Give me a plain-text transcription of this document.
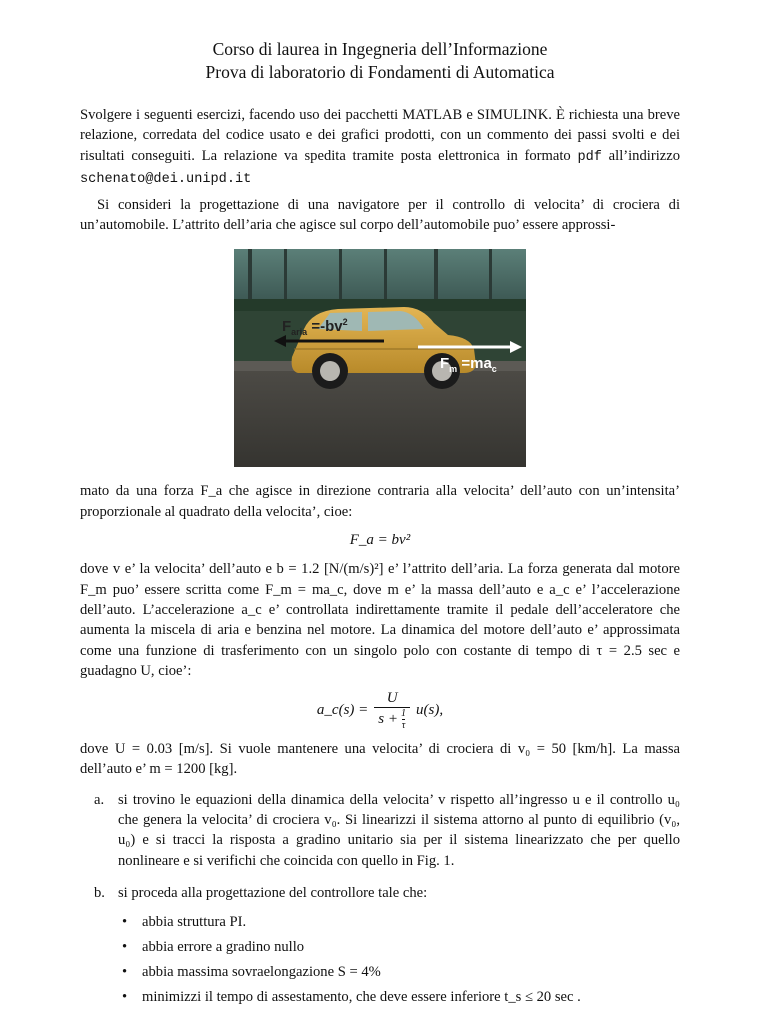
Corso di laurea in Ingegneria dell’Informazione
Prova di laboratorio di Fondamenti di Automatica

Svolgere i seguenti esercizi, facendo uso dei pacchetti MATLAB e SIMULINK. È richiesta una breve relazione, corredata del codice usato e dei grafici prodotti, con un commento dei passi svolti e dei risultati conseguiti. La relazione va spedita tramite posta elettronica in formato pdf all’indirizzo schenato@dei.unipd.it

Si consideri la progettazione di una navigatore per il controllo di velocita’ di crociera di un’automobile. L’attrito dell’aria che agisce sul corpo dell’automobile puo’ essere approssi-

$F_{aria} =-bv^2$
$F_m =ma_c$

mato da una forza F_a che agisce in direzione contraria alla velocita’ dell’auto con un’intensita’ proporzionale al quadrato della velocita’, cioe:

F_a = bv²

dove v e’ la velocita’ dell’auto e b = 1.2 [N/(m/s)²] e’ l’attrito dell’aria. La forza generata dal motore F_m puo’ essere scritta come F_m = ma_c, dove m e’ la massa dell’auto e a_c e’ l’accelerazione dell’auto. L’accelerazione a_c e’ controllata indirettamente tramite il pedale dell’acceleratore che aumenta la miscela di aria e benzina nel motore. La dinamica del motore dell’auto e’ approssimata come una funzione di trasferimento con un singolo polo con costante di tempo di τ = 2.5 sec e guadagno U, cioe’:

a_c(s) = $\frac{U}{s + \frac{1}{\tau}} u(s)$,

dove U = 0.03 [m/s]. Si vuole mantenere una velocita’ di crociera di v₀ = 50 [km/h]. La massa dell’auto e’ m = 1200 [kg].

a. si trovino le equazioni della dinamica della velocita’ v rispetto all’ingresso u e il controllo u₀ che genera la velocita’ di crociera v₀. Si linearizzi il sistema attorno al punto di equilibrio (v₀, u₀) e si tracci la risposta a gradino unitario sia per il sistema linearizzato che per quello nonlineare e si verifichi che coincida con quello in Fig. 1.

b. si proceda alla progettazione del controllore tale che:

• abbia struttura PI.
• abbia errore a gradino nullo
• abbia massima sovraelongazione S = 4%
• minimizzi il tempo di assestamento, che deve essere inferiore t_s ≤ 20 sec .
